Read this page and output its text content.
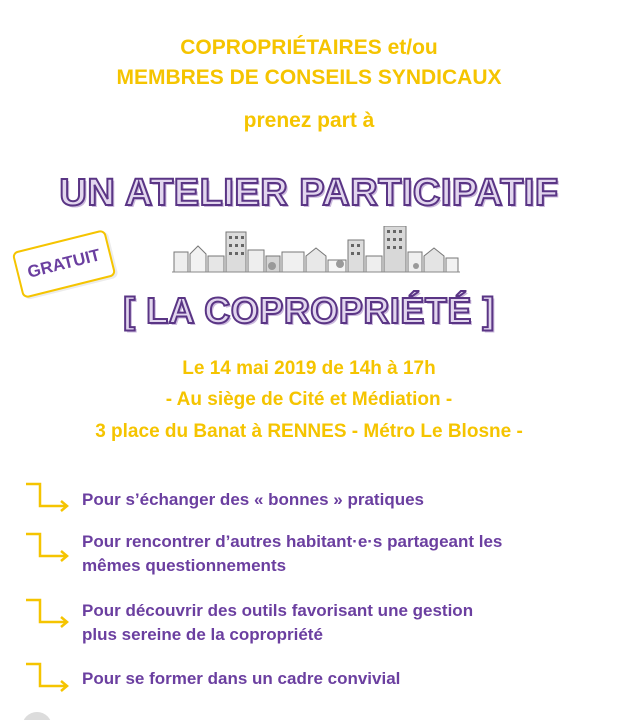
COPROPRIÉTAIRES et/ou
MEMBRES DE CONSEILS SYNDICAUX
prenez part à
UN ATELIER PARTICIPATIF
GRATUIT
[ LA COPROPRIÉTÉ ]
Le 14 mai 2019 de 14h à 17h
- Au siège de Cité et Médiation -
3 place du Banat à RENNES - Métro Le Blosne -
Pour s’échanger des « bonnes » pratiques
Pour rencontrer d’autres habitant·e·s partageant les
mêmes questionnements
Pour découvrir des outils favorisant une gestion
plus sereine de la copropriété
Pour se former dans un cadre convivial
